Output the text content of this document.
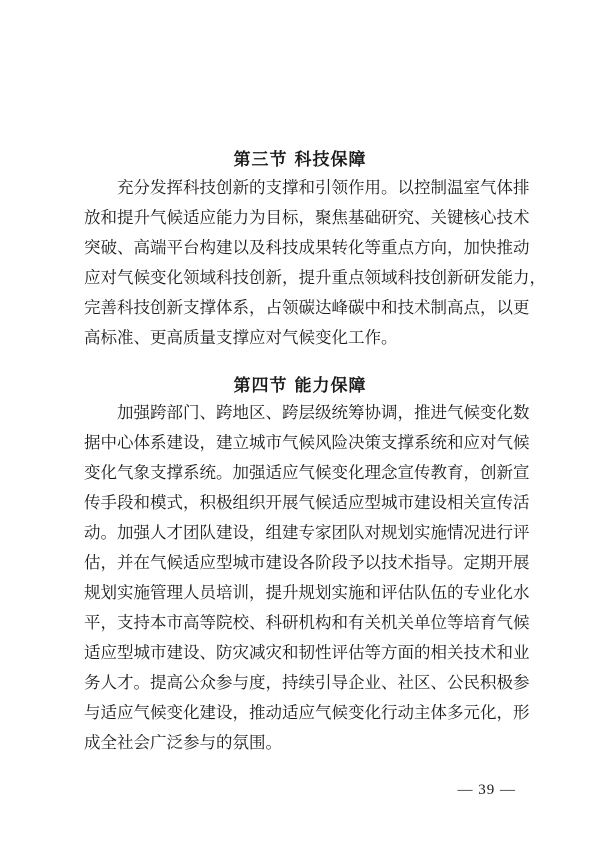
第三节 科技保障
充分发挥科技创新的支撑和引领作用。以控制温室气体排
放和提升气候适应能力为目标，聚焦基础研究、关键核心技术
突破、高端平台构建以及科技成果转化等重点方向，加快推动
应对气候变化领域科技创新，提升重点领域科技创新研发能力，
完善科技创新支撑体系，占领碳达峰碳中和技术制高点，以更
高标准、更高质量支撑应对气候变化工作。
第四节 能力保障
加强跨部门、跨地区、跨层级统筹协调，推进气候变化数
据中心体系建设，建立城市气候风险决策支撑系统和应对气候
变化气象支撑系统。加强适应气候变化理念宣传教育，创新宣
传手段和模式，积极组织开展气候适应型城市建设相关宣传活
动。加强人才团队建设，组建专家团队对规划实施情况进行评
估，并在气候适应型城市建设各阶段予以技术指导。定期开展
规划实施管理人员培训，提升规划实施和评估队伍的专业化水
平，支持本市高等院校、科研机构和有关机关单位等培育气候
适应型城市建设、防灾减灾和韧性评估等方面的相关技术和业
务人才。提高公众参与度，持续引导企业、社区、公民积极参
与适应气候变化建设，推动适应气候变化行动主体多元化，形
成全社会广泛参与的氛围。
— 39 —
